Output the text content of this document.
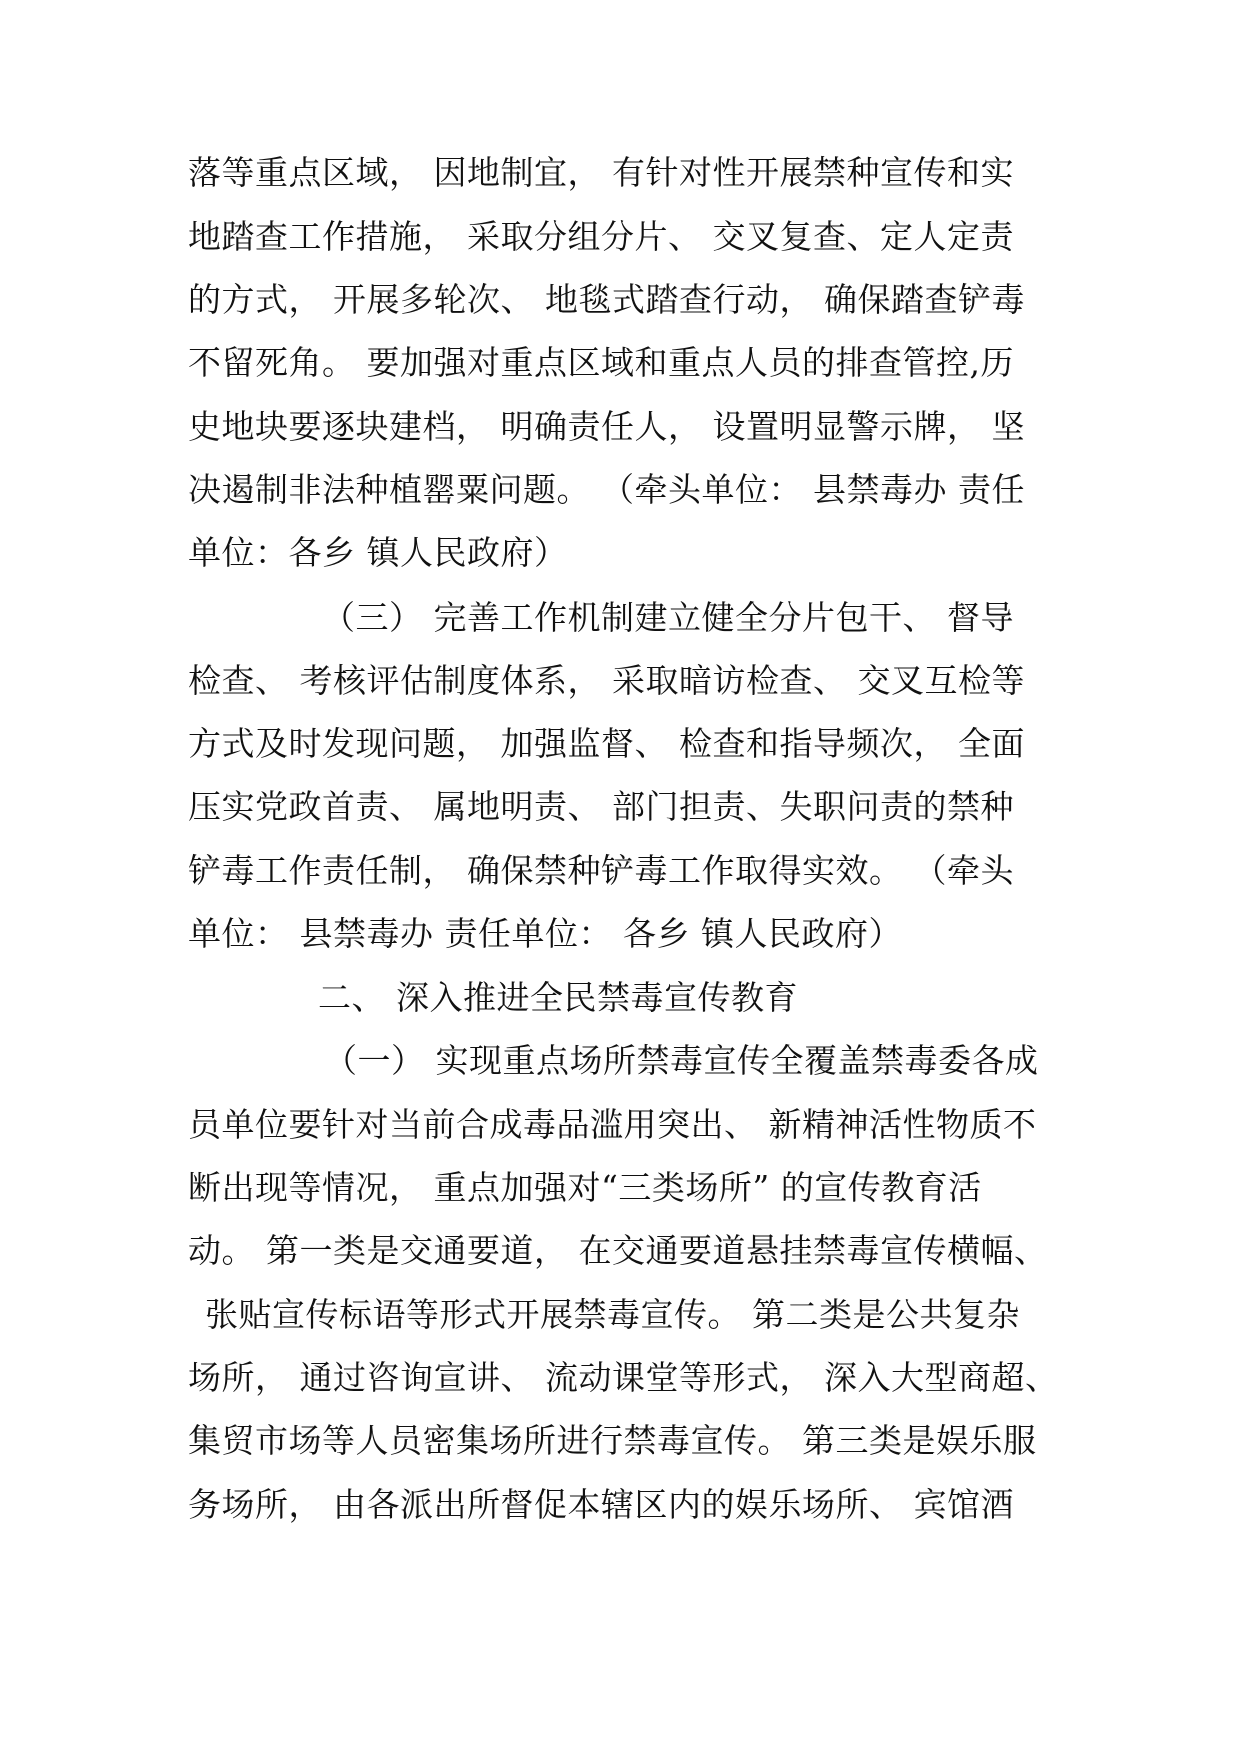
落等重点区域， 因地制宜， 有针对性开展禁种宣传和实
地踏查工作措施， 采取分组分片、 交叉复查、定人定责
的方式， 开展多轮次、 地毯式踏查行动， 确保踏查铲毒
不留死角。 要加强对重点区域和重点人员的排查管控,历
史地块要逐块建档， 明确责任人， 设置明显警示牌， 坚
决遏制非法种植罂粟问题。 （牵头单位： 县禁毒办 责任
单位：各乡 镇人民政府）
（三） 完善工作机制建立健全分片包干、 督导
检查、 考核评估制度体系， 采取暗访检查、 交叉互检等
方式及时发现问题， 加强监督、 检查和指导频次， 全面
压实党政首责、 属地明责、 部门担责、失职问责的禁种
铲毒工作责任制， 确保禁种铲毒工作取得实效。 （牵头
单位： 县禁毒办 责任单位： 各乡 镇人民政府）
二、 深入推进全民禁毒宣传教育
（一） 实现重点场所禁毒宣传全覆盖禁毒委各成
员单位要针对当前合成毒品滥用突出、 新精神活性物质不
断出现等情况， 重点加强对“三类场所” 的宣传教育活
动。 第一类是交通要道， 在交通要道悬挂禁毒宣传横幅、
张贴宣传标语等形式开展禁毒宣传。 第二类是公共复杂
场所， 通过咨询宣讲、 流动课堂等形式， 深入大型商超、
集贸市场等人员密集场所进行禁毒宣传。 第三类是娱乐服
务场所， 由各派出所督促本辖区内的娱乐场所、 宾馆酒
